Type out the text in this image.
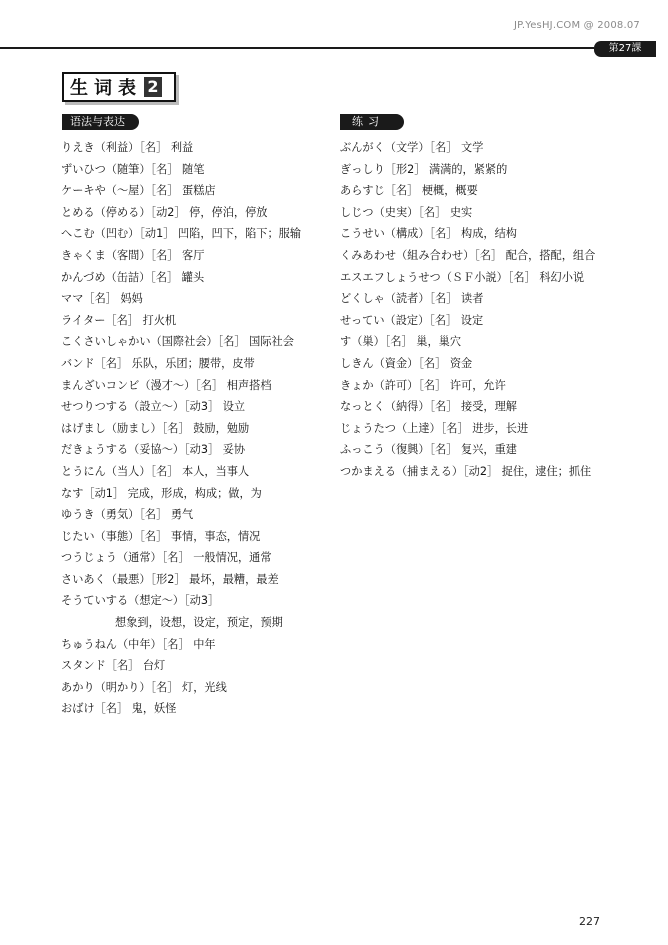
JP.YesHJ.COM @ 2008.07
第27課
生词表 2
语法与表达	练习
りえき（利益）［名］ 利益
ずいひつ（随筆）［名］ 随笔
ケーキや（～屋）［名］ 蛋糕店
とめる（停める）［动2］ 停，停泊，停放
へこむ（凹む）［动1］ 凹陷，凹下，陷下；服输
きゃくま（客間）［名］ 客厅
かんづめ（缶詰）［名］ 罐头
ママ［名］ 妈妈
ライター［名］ 打火机
こくさいしゃかい（国際社会）［名］ 国际社会
バンド［名］ 乐队，乐团；腰带，皮带
まんざいコンビ（漫才～）［名］ 相声搭档
せつりつする（設立～）［动3］ 设立
はげまし（励まし）［名］ 鼓励，勉励
だきょうする（妥協～）［动3］ 妥协
とうにん（当人）［名］ 本人，当事人
なす［动1］ 完成，形成，构成；做，为
ゆうき（勇気）［名］ 勇气
じたい（事態）［名］ 事情，事态，情况
つうじょう（通常）［名］ 一般情况，通常
さいあく（最悪）［形2］ 最坏，最糟，最差
そうていする（想定～）［动3］
想象到，设想，设定，预定，预期
ちゅうねん（中年）［名］ 中年
スタンド［名］ 台灯
あかり（明かり）［名］ 灯，光线
おばけ［名］ 鬼，妖怪
ぶんがく（文学）［名］ 文学
ぎっしり［形2］ 满满的，紧紧的
あらすじ［名］ 梗概，概要
しじつ（史実）［名］ 史实
こうせい（構成）［名］ 构成，结构
くみあわせ（組み合わせ）［名］ 配合，搭配，组合
エスエフしょうせつ（ＳＦ小説）［名］ 科幻小说
どくしゃ（読者）［名］ 读者
せってい（設定）［名］ 设定
す（巣）［名］ 巢，巢穴
しきん（資金）［名］ 资金
きょか（許可）［名］ 许可，允许
なっとく（納得）［名］ 接受，理解
じょうたつ（上達）［名］ 进步，长进
ふっこう（復興）［名］ 复兴，重建
つかまえる（捕まえる）［动2］ 捉住，逮住；抓住
227
